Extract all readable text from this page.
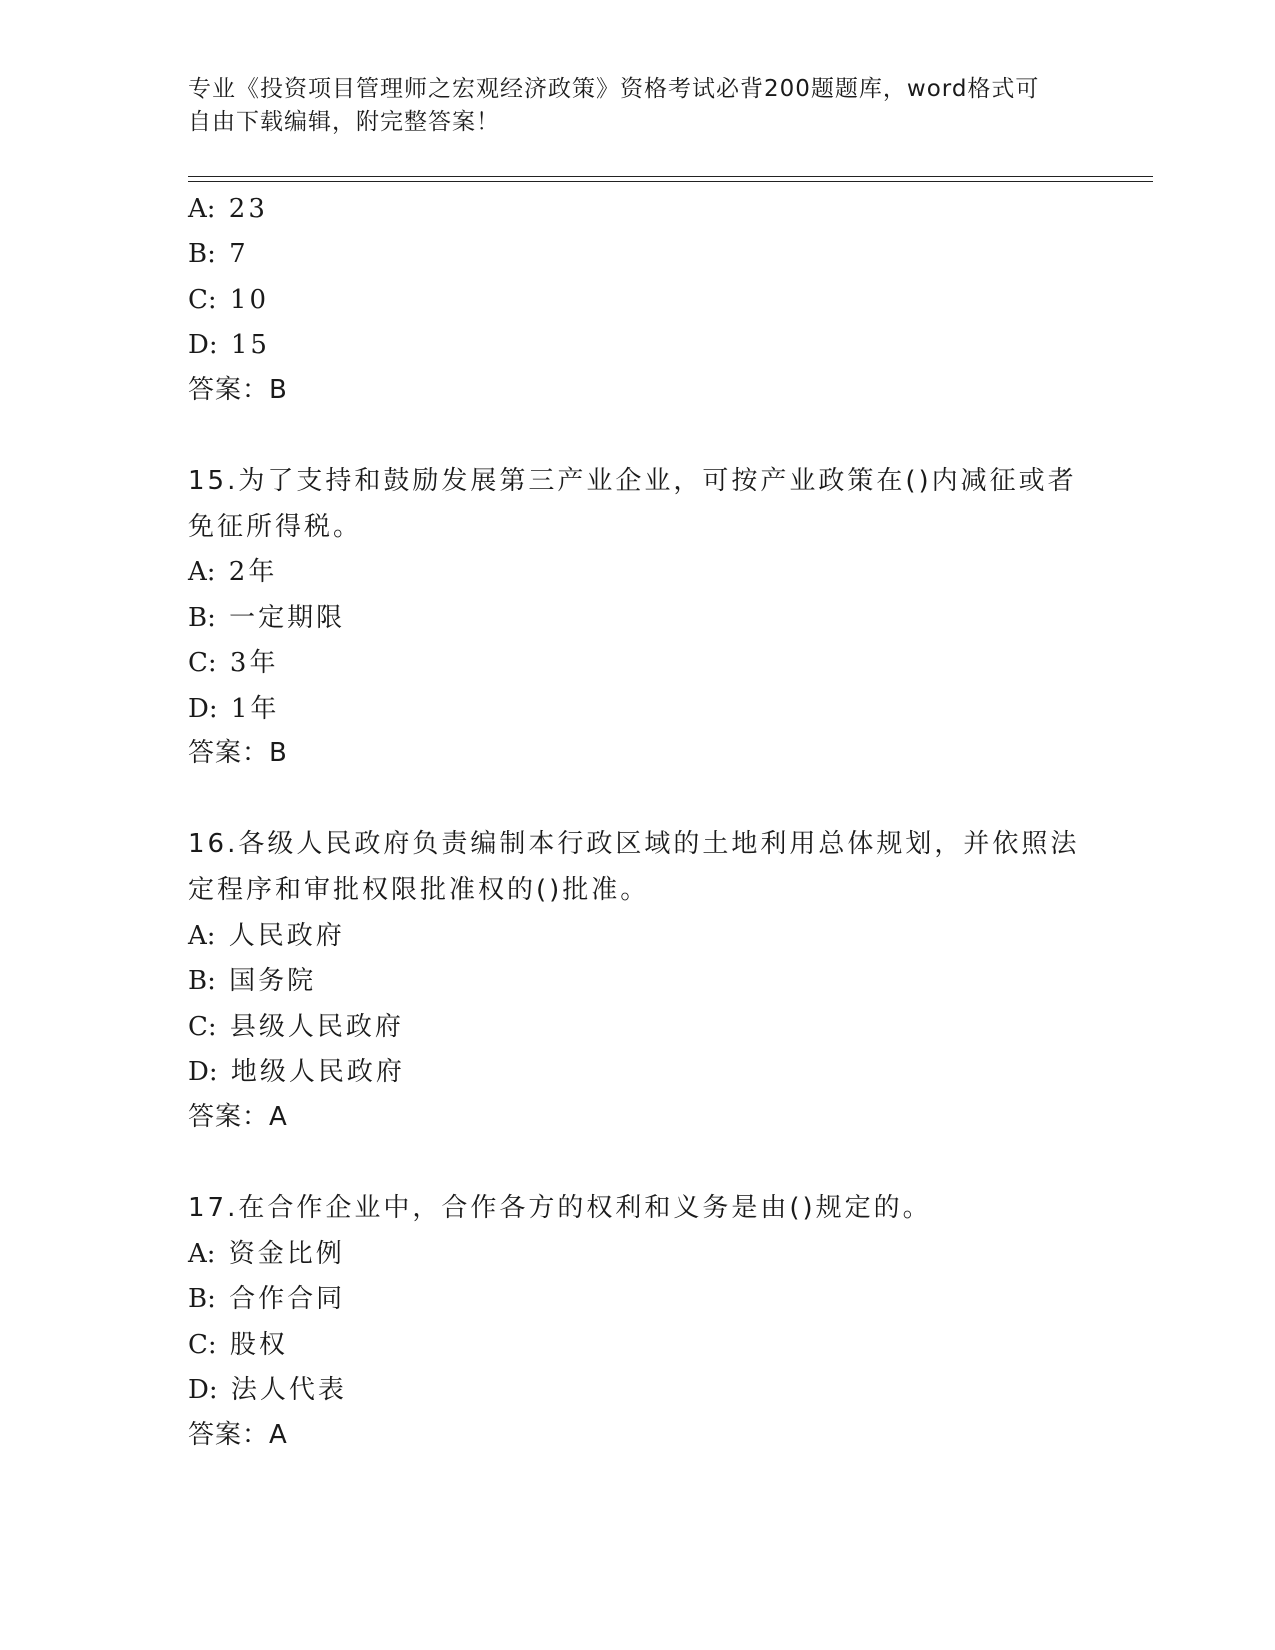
专业《投资项目管理师之宏观经济政策》资格考试必背200题题库，word格式可
自由下载编辑，附完整答案！
A: 23
B: 7
C: 10
D: 15
答案：B
15.为了支持和鼓励发展第三产业企业，可按产业政策在()内减征或者
免征所得税。
A: 2年
B: 一定期限
C: 3年
D: 1年
答案：B
16.各级人民政府负责编制本行政区域的土地利用总体规划，并依照法
定程序和审批权限批准权的()批准。
A: 人民政府
B: 国务院
C: 县级人民政府
D: 地级人民政府
答案：A
17.在合作企业中，合作各方的权利和义务是由()规定的。
A: 资金比例
B: 合作合同
C: 股权
D: 法人代表
答案：A
